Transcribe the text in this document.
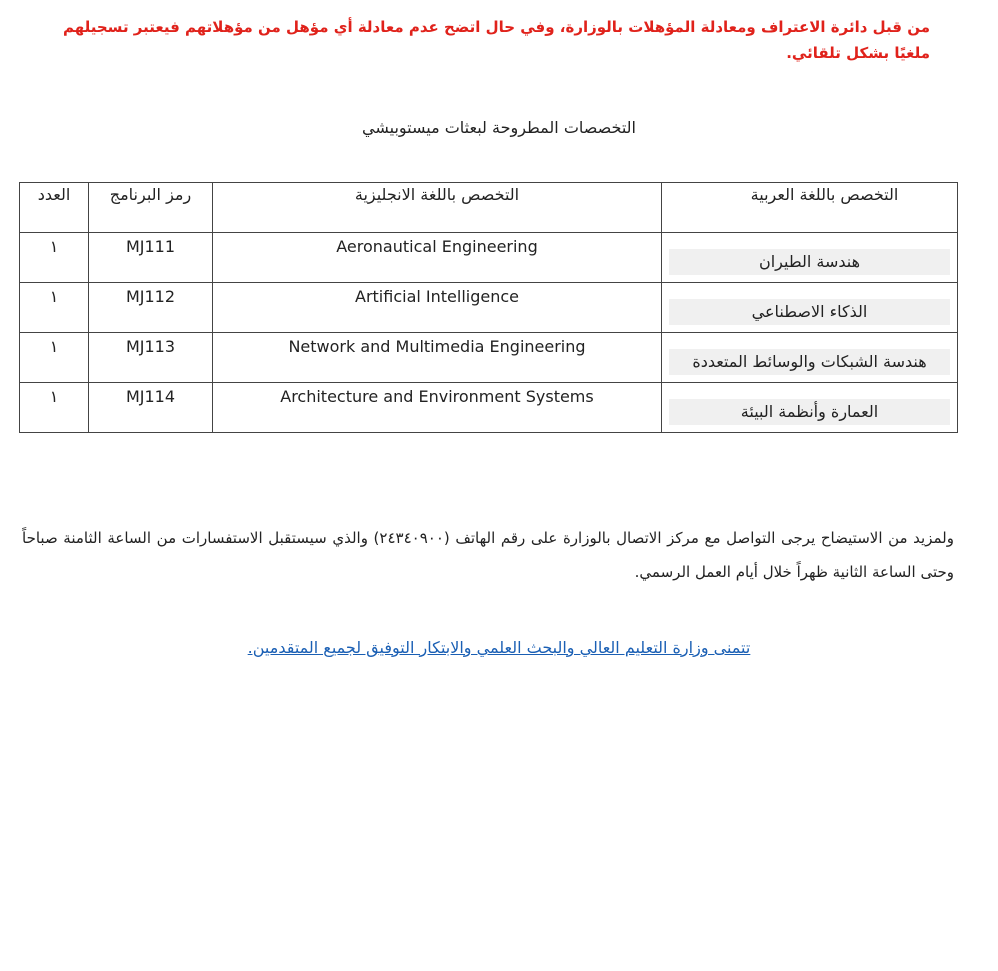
من قبل دائرة الاعتراف ومعادلة المؤهلات بالوزارة، وفي حال اتضح عدم معادلة أي مؤهل من مؤهلاتهم فيعتبر تسجيلهم ملغيًا بشكل تلقائي.
التخصصات المطروحة لبعثات ميستوبيشي
العدد	رمز البرنامج	التخصص باللغة الانجليزية	التخصص باللغة العربية

١	MJ111	Aeronautical Engineering	هندسة الطيران

١	MJ112	Artificial Intelligence	الذكاء الاصطناعي

١	MJ113	Network and Multimedia Engineering	هندسة الشبكات والوسائط المتعددة

١	MJ114	Architecture and Environment Systems	العمارة وأنظمة البيئة
ولمزيد من الاستيضاح يرجى التواصل مع مركز الاتصال بالوزارة على رقم الهاتف (٢٤٣٤٠٩٠٠) والذي سيستقبل الاستفسارات من الساعة الثامنة صباحاً وحتى الساعة الثانية ظهراً خلال أيام العمل الرسمي.
تتمنى وزارة التعليم العالي والبحث العلمي والابتكار التوفيق لجميع المتقدمين.
